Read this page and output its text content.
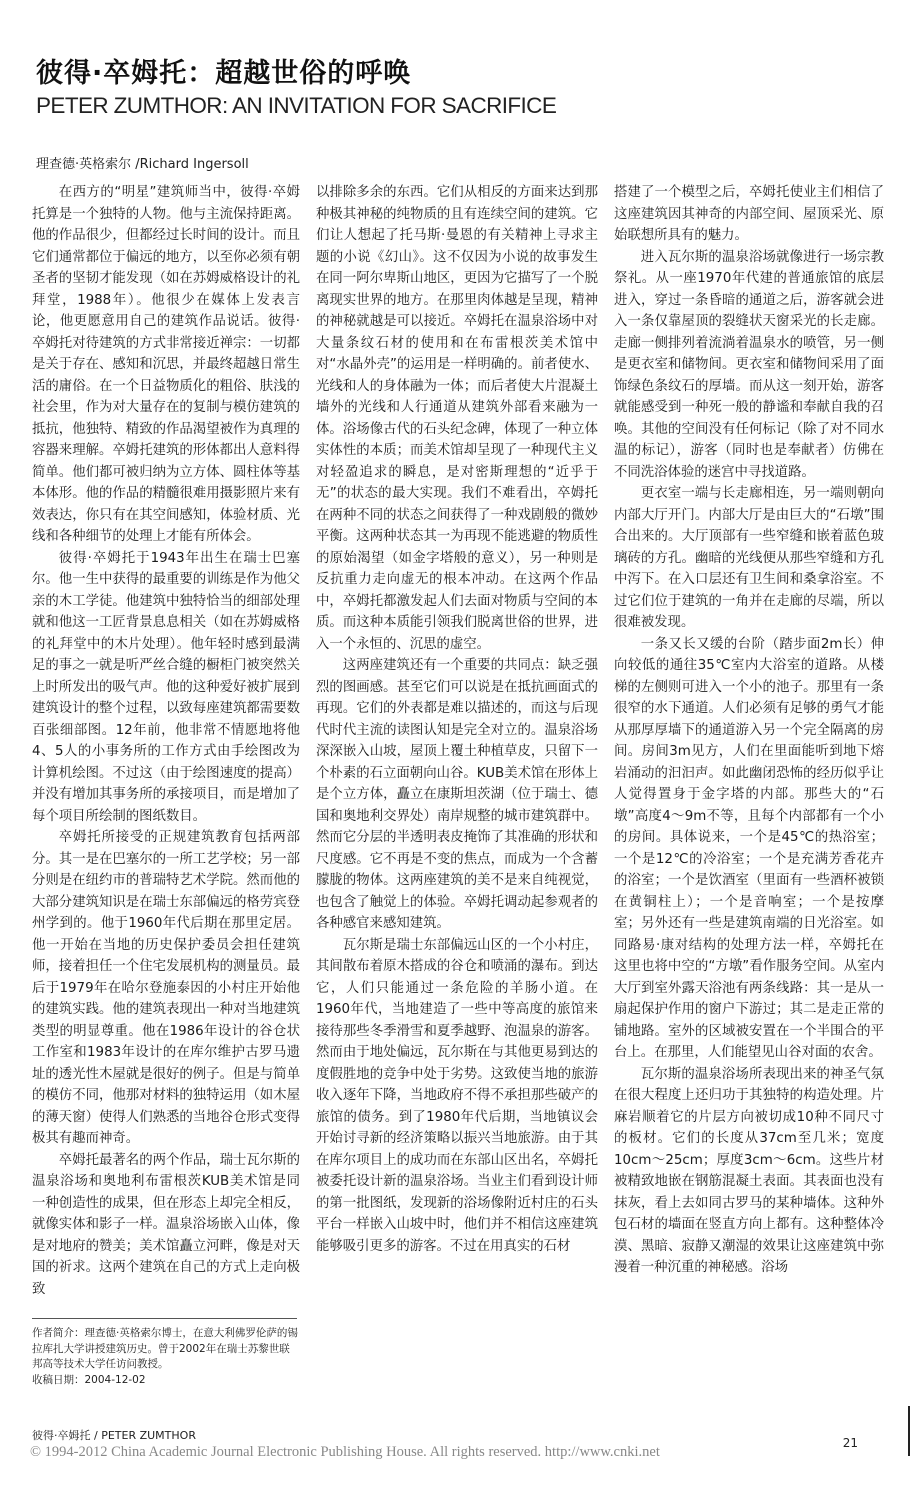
彼得·卒姆托：超越世俗的呼唤
PETER ZUMTHOR: AN INVITATION FOR SACRIFICE
理查德·英格索尔 /Richard Ingersoll

在西方的“明星”建筑师当中，彼得·卒姆托算是一个独特的人物。他与主流保持距离。他的作品很少，但都经过长时间的设计。而且它们通常都位于偏远的地方，以至你必须有朝圣者的坚韧才能发现（如在苏姆威格设计的礼拜堂，1988年）。他很少在媒体上发表言论，他更愿意用自己的建筑作品说话。彼得·卒姆托对待建筑的方式非常接近禅宗：一切都是关于存在、感知和沉思，并最终超越日常生活的庸俗。在一个日益物质化的粗俗、肤浅的社会里，作为对大量存在的复制与模仿建筑的抵抗，他独特、精致的作品渴望被作为真理的容器来理解。卒姆托建筑的形体都出人意料得简单。他们都可被归纳为立方体、圆柱体等基本体形。他的作品的精髓很难用摄影照片来有效表达，你只有在其空间感知，体验材质、光线和各种细节的处理上才能有所体会。

彼得·卒姆托于1943年出生在瑞士巴塞尔。他一生中获得的最重要的训练是作为他父亲的木工学徒。他建筑中独特恰当的细部处理就和他这一工匠背景息息相关（如在苏姆威格的礼拜堂中的木片处理）。他年轻时感到最满足的事之一就是听严丝合缝的橱柜门被突然关上时所发出的吸气声。他的这种爱好被扩展到建筑设计的整个过程，以致每座建筑都需要数百张细部图。12年前，他非常不情愿地将他4、5人的小事务所的工作方式由手绘图改为计算机绘图。不过这（由于绘图速度的提高）并没有增加其事务所的承接项目，而是增加了每个项目所绘制的图纸数目。

卒姆托所接受的正规建筑教育包括两部分。其一是在巴塞尔的一所工艺学校；另一部分则是在纽约市的普瑞特艺术学院。然而他的大部分建筑知识是在瑞士东部偏远的格劳宾登州学到的。他于1960年代后期在那里定居。他一开始在当地的历史保护委员会担任建筑师，接着担任一个住宅发展机构的测量员。最后于1979年在哈尔登施泰因的小村庄开始他的建筑实践。他的建筑表现出一种对当地建筑类型的明显尊重。他在1986年设计的谷仓状工作室和1983年设计的在库尔维护古罗马遗址的透光性木屋就是很好的例子。但是与简单的模仿不同，他那对材料的独特运用（如木屋的薄天窗）使得人们熟悉的当地谷仓形式变得极其有趣而神奇。

卒姆托最著名的两个作品，瑞士瓦尔斯的温泉浴场和奥地利布雷根茨KUB美术馆是同一种创造性的成果，但在形态上却完全相反，就像实体和影子一样。温泉浴场嵌入山体，像是对地府的赞美；美术馆矗立河畔，像是对天国的祈求。这两个建筑在自己的方式上走向极致

作者简介：理查德·英格索尔博士，在意大利佛罗伦萨的锡拉库扎大学讲授建筑历史。曾于2002年在瑞士苏黎世联邦高等技术大学任访问教授。

收稿日期：2004-12-02

以排除多余的东西。它们从相反的方面来达到那种极其神秘的纯物质的且有连续空间的建筑。它们让人想起了托马斯·曼恩的有关精神上寻求主题的小说《幻山》。这不仅因为小说的故事发生在同一阿尔卑斯山地区，更因为它描写了一个脱离现实世界的地方。在那里肉体越是呈现，精神的神秘就越是可以接近。卒姆托在温泉浴场中对大量条纹石材的使用和在布雷根茨美术馆中对“水晶外壳”的运用是一样明确的。前者使水、光线和人的身体融为一体；而后者使大片混凝土墙外的光线和人行通道从建筑外部看来融为一体。浴场像古代的石头纪念碑，体现了一种立体实体性的本质；而美术馆却呈现了一种现代主义对轻盈追求的瞬息，是对密斯理想的“近乎于无”的状态的最大实现。我们不难看出，卒姆托在两种不同的状态之间获得了一种戏剧般的微妙平衡。这两种状态其一为再现不能逃避的物质性的原始渴望（如金字塔般的意义），另一种则是反抗重力走向虚无的根本冲动。在这两个作品中，卒姆托都激发起人们去面对物质与空间的本质。而这种本质能引领我们脱离世俗的世界，进入一个永恒的、沉思的虚空。

这两座建筑还有一个重要的共同点：缺乏强烈的图画感。甚至它们可以说是在抵抗画面式的再现。它们的外表都是难以描述的，而这与后现代时代主流的读图认知是完全对立的。温泉浴场深深嵌入山坡，屋顶上覆土种植草皮，只留下一个朴素的石立面朝向山谷。KUB美术馆在形体上是个立方体，矗立在康斯坦茨湖（位于瑞士、德国和奥地利交界处）南岸规整的城市建筑群中。然而它分层的半透明表皮掩饰了其准确的形状和尺度感。它不再是不变的焦点，而成为一个含蓄朦胧的物体。这两座建筑的美不是来自纯视觉，也包含了触觉上的体验。卒姆托调动起参观者的各种感官来感知建筑。

瓦尔斯是瑞士东部偏远山区的一个小村庄，其间散布着原木搭成的谷仓和喷涌的瀑布。到达它，人们只能通过一条危险的羊肠小道。在1960年代，当地建造了一些中等高度的旅馆来接待那些冬季滑雪和夏季越野、泡温泉的游客。然而由于地处偏远，瓦尔斯在与其他更易到达的度假胜地的竞争中处于劣势。这致使当地的旅游收入逐年下降，当地政府不得不承担那些破产的旅馆的债务。到了1980年代后期，当地镇议会开始讨寻新的经济策略以振兴当地旅游。由于其在库尔项目上的成功而在东部山区出名，卒姆托被委托设计新的温泉浴场。当业主们看到设计师的第一批图纸，发现新的浴场像附近村庄的石头平台一样嵌入山坡中时，他们并不相信这座建筑能够吸引更多的游客。不过在用真实的石材

搭建了一个模型之后，卒姆托使业主们相信了这座建筑因其神奇的内部空间、屋顶采光、原始联想所具有的魅力。

进入瓦尔斯的温泉浴场就像进行一场宗教祭礼。从一座1970年代建的普通旅馆的底层进入，穿过一条昏暗的通道之后，游客就会进入一条仅靠屋顶的裂缝状天窗采光的长走廊。走廊一侧排列着流淌着温泉水的喷管，另一侧是更衣室和储物间。更衣室和储物间采用了面饰绿色条纹石的厚墙。而从这一刻开始，游客就能感受到一种死一般的静谧和奉献自我的召唤。其他的空间没有任何标记（除了对不同水温的标记），游客（同时也是奉献者）仿佛在不同洗浴体验的迷宫中寻找道路。

更衣室一端与长走廊相连，另一端则朝向内部大厅开门。内部大厅是由巨大的“石墩”围合出来的。大厅顶部有一些窄缝和嵌着蓝色玻璃砖的方孔。幽暗的光线便从那些窄缝和方孔中泻下。在入口层还有卫生间和桑拿浴室。不过它们位于建筑的一角并在走廊的尽端，所以很难被发现。

一条又长又缓的台阶（踏步面2m长）伸向较低的通往35℃室内大浴室的道路。从楼梯的左侧则可进入一个小的池子。那里有一条很窄的水下通道。人们必须有足够的勇气才能从那厚厚墙下的通道游入另一个完全隔离的房间。房间3m见方，人们在里面能听到地下熔岩涌动的汩汩声。如此幽闭恐怖的经历似乎让人觉得置身于金字塔的内部。那些大的“石墩”高度4～9m不等，且每个内部都有一个小的房间。具体说来，一个是45℃的热浴室；一个是12℃的冷浴室；一个是充满芳香花卉的浴室；一个是饮酒室（里面有一些酒杯被锁在黄铜柱上）；一个是音响室；一个是按摩室；另外还有一些是建筑南端的日光浴室。如同路易·康对结构的处理方法一样，卒姆托在这里也将中空的“方墩”看作服务空间。从室内大厅到室外露天浴池有两条线路：其一是从一扇起保护作用的窗户下游过；其二是走正常的铺地路。室外的区域被安置在一个半围合的平台上。在那里，人们能望见山谷对面的农舍。

瓦尔斯的温泉浴场所表现出来的神圣气氛在很大程度上还归功于其独特的构造处理。片麻岩顺着它的片层方向被切成10种不同尺寸的板材。它们的长度从37cm至几米；宽度10cm～25cm；厚度3cm～6cm。这些片材被精致地嵌在钢筋混凝土表面。其表面也没有抹灰，看上去如同古罗马的某种墙体。这种外包石材的墙面在竖直方向上都有。这种整体冷漠、黑暗、寂静又潮湿的效果让这座建筑中弥漫着一种沉重的神秘感。浴场

彼得·卒姆托 / PETER ZUMTHOR
© 1994-2012 China Academic Journal Electronic Publishing House. All rights reserved. http://www.cnki.net
21
